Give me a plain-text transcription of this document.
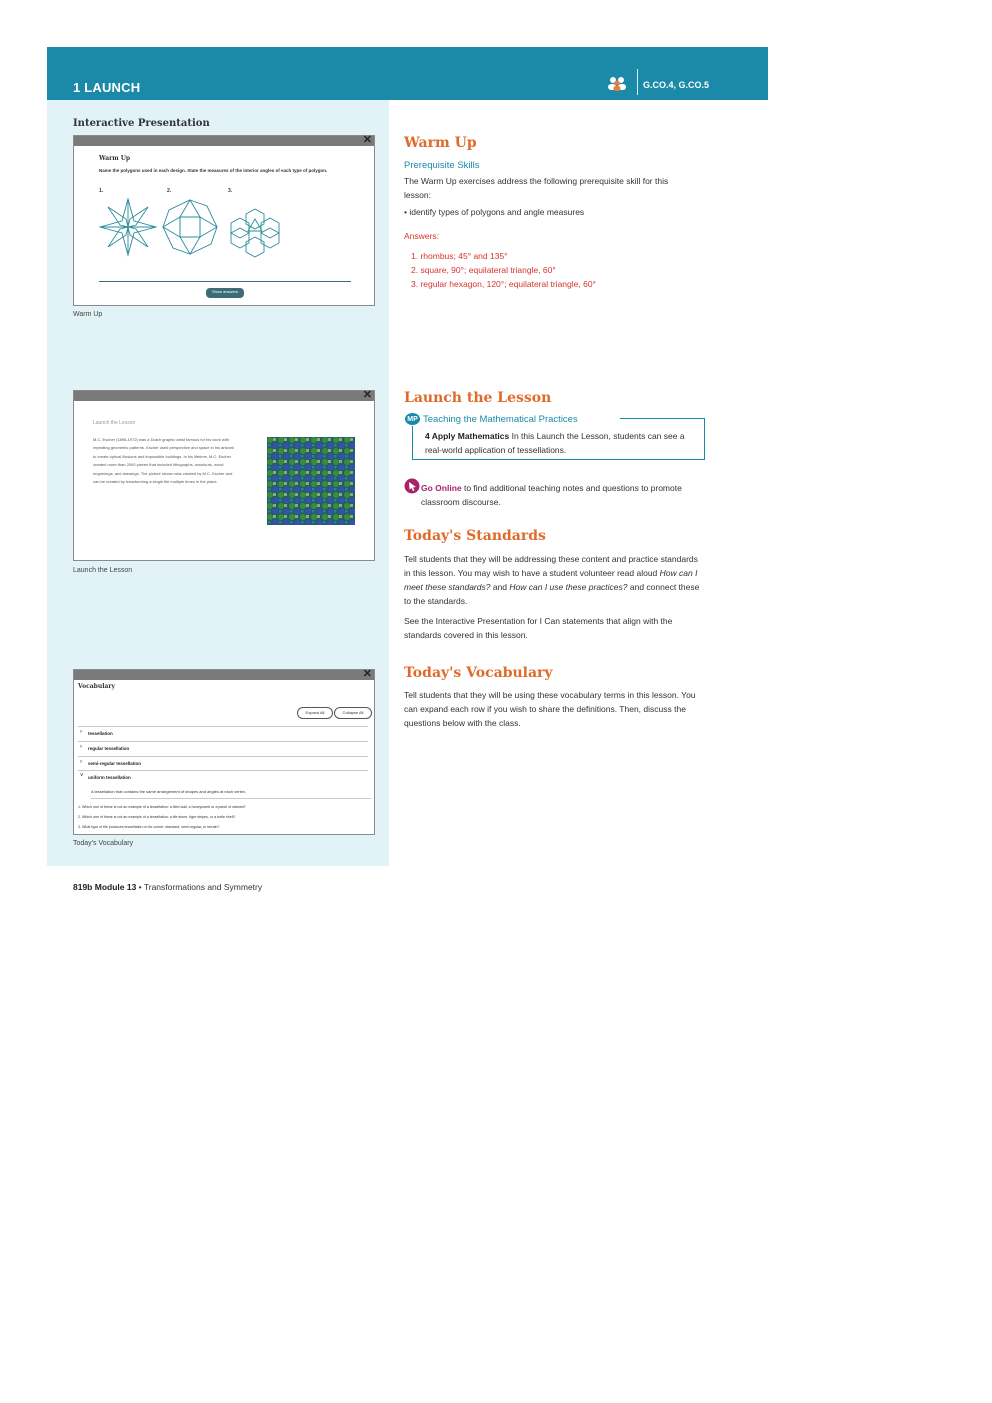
1 LAUNCH	G.CO.4, G.CO.5
Interactive Presentation
✕
Warm Up
Name the polygons used in each design. State the measures of the interior angles of each type of polygon.
1.	2.	3.
Show answers
Warm Up
✕
Launch the Lesson
M.C. Escher (1898-1972) was a Dutch graphic artist famous for his work with repeating geometric patterns. Escher used perspective and space in his artwork to create optical illusions and impossible buildings. In his lifetime, M.C. Escher created more than 2000 pieces that included lithographs, woodcuts, wood engravings, and drawings. The picture shown was created by M.C. Escher and can be created by transforming a single tile multiple times in the plane.
Launch the Lesson
✕
Vocabulary
Expand All	Collapse All
› tessellation
› regular tessellation
› semi-regular tessellation
˅ uniform tessellation
A tessellation that contains the same arrangement of shapes and angles at each vertex.
1. Which one of these is not an example of a tessellation: a tiled wall, a honeycomb or a panel of stained?
2. Which one of these is not an example of a tessellation: a tile stone, tiger stripes, or a turtle shell?
3. What type of tile produces tessellation on its corner: standard, semi-regular, or terrain?
Today's Vocabulary
Warm Up
Prerequisite Skills
The Warm Up exercises address the following prerequisite skill for this lesson:
• identify types of polygons and angle measures
Answers:
1. rhombus; 45° and 135°
2. square, 90°; equilateral triangle, 60°
3. regular hexagon, 120°; equilateral triangle, 60°
Launch the Lesson
MP Teaching the Mathematical Practices
4 Apply Mathematics In this Launch the Lesson, students can see a real-world application of tessellations.
Go Online to find additional teaching notes and questions to promote classroom discourse.
Today's Standards
Tell students that they will be addressing these content and practice standards in this lesson. You may wish to have a student volunteer read aloud How can I meet these standards? and How can I use these practices? and connect these to the standards.
See the Interactive Presentation for I Can statements that align with the standards covered in this lesson.
Today's Vocabulary
Tell students that they will be using these vocabulary terms in this lesson. You can expand each row if you wish to share the definitions. Then, discuss the questions below with the class.
819b Module 13 • Transformations and Symmetry
